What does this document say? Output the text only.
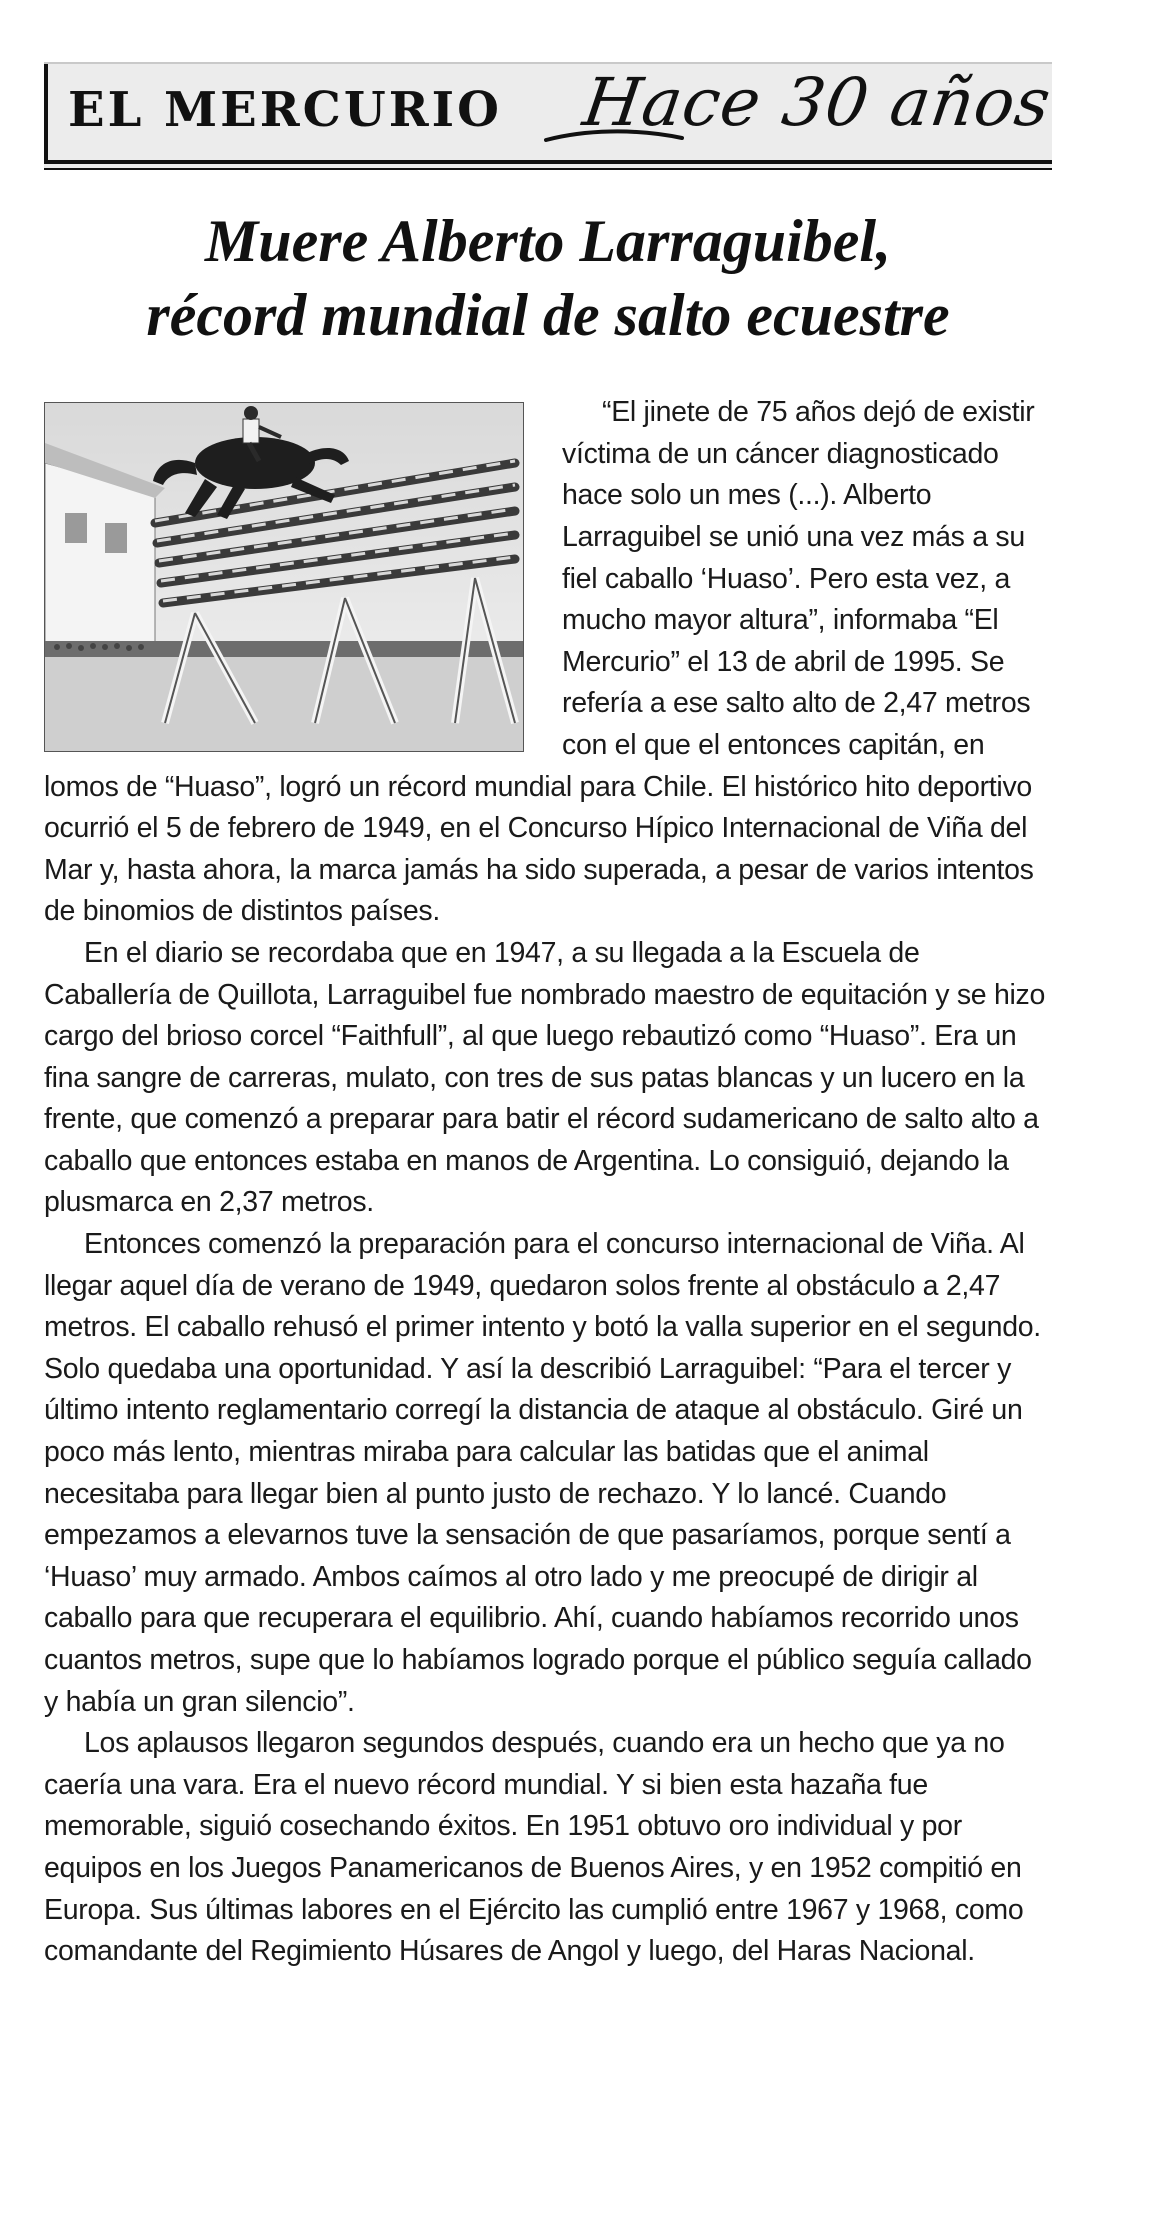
EL MERCURIO Hace 30 años
Muere Alberto Larraguibel,
récord mundial de salto ecuestre

“El jinete de 75 años dejó de existir víctima de un cáncer diagnosticado hace solo un mes (...). Alberto Larraguibel se unió una vez más a su fiel caballo ‘Huaso’. Pero esta vez, a mucho mayor altura”, informaba “El Mercurio” el 13 de abril de 1995. Se refería a ese salto alto de 2,47 metros con el que el entonces capitán, en lomos de “Huaso”, logró un récord mundial para Chile. El histórico hito deportivo ocurrió el 5 de febrero de 1949, en el Concurso Hípico Internacional de Viña del Mar y, hasta ahora, la marca jamás ha sido superada, a pesar de varios intentos de binomios de distintos países.

En el diario se recordaba que en 1947, a su llegada a la Escuela de Caballería de Quillota, Larraguibel fue nombrado maestro de equitación y se hizo cargo del brioso corcel “Faithfull”, al que luego rebautizó como “Huaso”. Era un fina sangre de carreras, mulato, con tres de sus patas blancas y un lucero en la frente, que comenzó a preparar para batir el récord sudamericano de salto alto a caballo que entonces estaba en manos de Argentina. Lo consiguió, dejando la plusmarca en 2,37 metros.

Entonces comenzó la preparación para el concurso internacional de Viña. Al llegar aquel día de verano de 1949, quedaron solos frente al obstáculo a 2,47 metros. El caballo rehusó el primer intento y botó la valla superior en el segundo. Solo quedaba una oportunidad. Y así la describió Larraguibel: “Para el tercer y último intento reglamentario corregí la distancia de ataque al obstáculo. Giré un poco más lento, mientras miraba para calcular las batidas que el animal necesitaba para llegar bien al punto justo de rechazo. Y lo lancé. Cuando empezamos a elevarnos tuve la sensación de que pasaríamos, porque sentí a ‘Huaso’ muy armado. Ambos caímos al otro lado y me preocupé de dirigir al caballo para que recuperara el equilibrio. Ahí, cuando habíamos recorrido unos cuantos metros, supe que lo habíamos logrado porque el público seguía callado y había un gran silencio”.

Los aplausos llegaron segundos después, cuando era un hecho que ya no caería una vara. Era el nuevo récord mundial. Y si bien esta hazaña fue memorable, siguió cosechando éxitos. En 1951 obtuvo oro individual y por equipos en los Juegos Panamericanos de Buenos Aires, y en 1952 compitió en Europa. Sus últimas labores en el Ejército las cumplió entre 1967 y 1968, como comandante del Regimiento Húsares de Angol y luego, del Haras Nacional.
